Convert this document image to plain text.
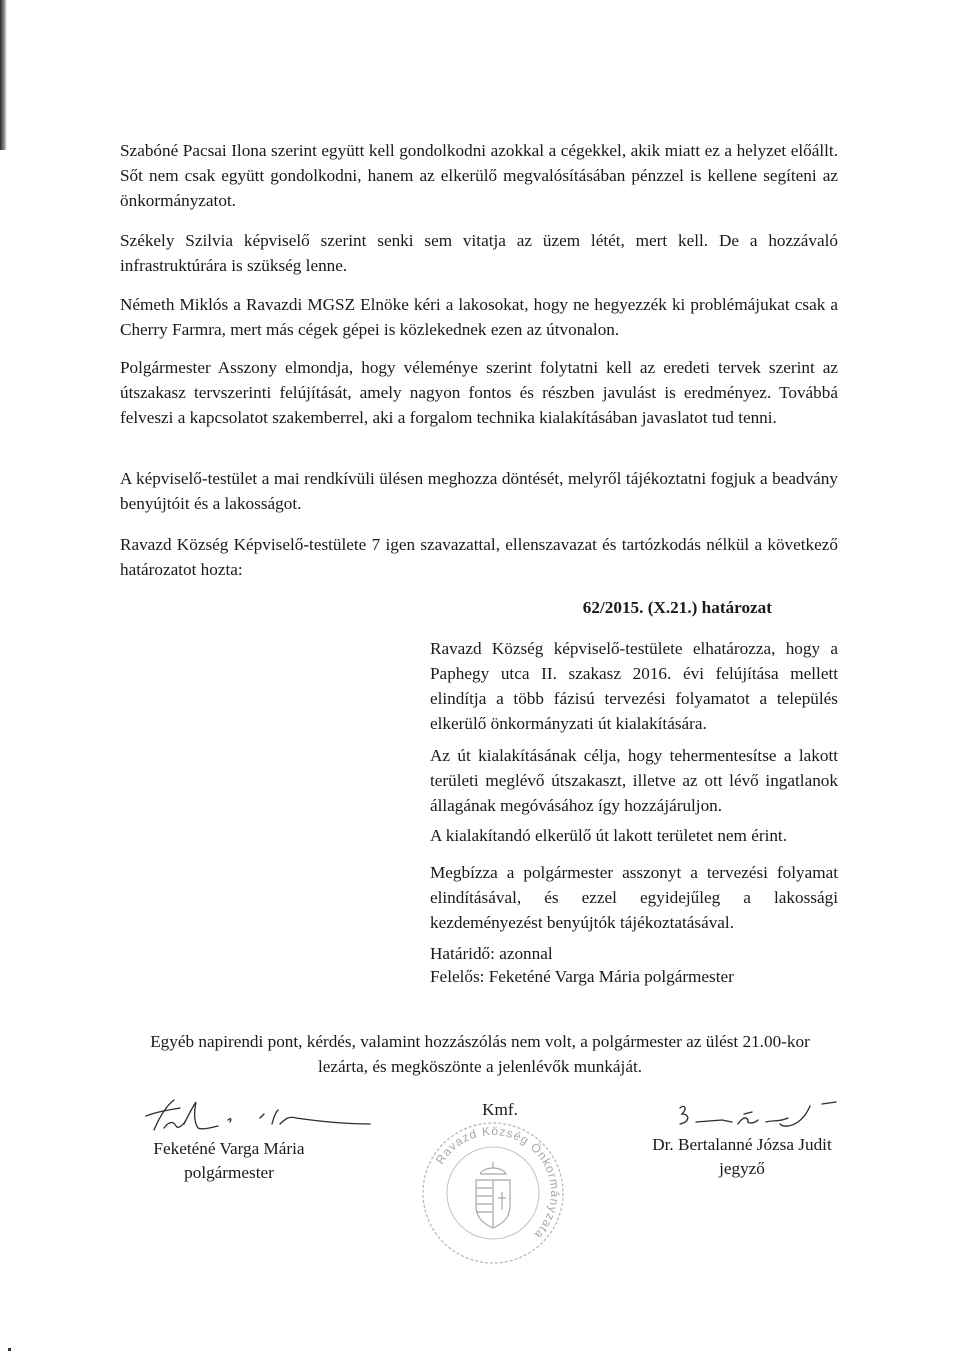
Szabóné Pacsai Ilona szerint együtt kell gondolkodni azokkal a cégekkel, akik miatt ez a helyzet előállt. Sőt nem csak együtt gondolkodni, hanem az elkerülő megvalósításában pénzzel is kellene segíteni az önkormányzatot.

Székely Szilvia képviselő szerint senki sem vitatja az üzem létét, mert kell. De a hozzávaló infrastruktúrára is szükség lenne.

Németh Miklós a Ravazdi MGSZ Elnöke kéri a lakosokat, hogy ne hegyezzék ki problémájukat csak a Cherry Farmra, mert más cégek gépei is közlekednek ezen az útvonalon.

Polgármester Asszony elmondja, hogy véleménye szerint folytatni kell az eredeti tervek szerint az útszakasz tervszerinti felújítását, amely nagyon fontos és részben javulást is eredményez. Továbbá felveszi a kapcsolatot szakemberrel, aki a forgalom technika kialakításában javaslatot tud tenni.

A képviselő-testület a mai rendkívüli ülésen meghozza döntését, melyről tájékoztatni fogjuk a beadvány benyújtóit és a lakosságot.

Ravazd Község Képviselő-testülete 7 igen szavazattal, ellenszavazat és tartózkodás nélkül a következő határozatot hozta:

62/2015. (X.21.) határozat

Ravazd Község képviselő-testülete elhatározza, hogy a Paphegy utca II. szakasz 2016. évi felújítása mellett elindítja a több fázisú tervezési folyamatot a település elkerülő önkormányzati út kialakítására.

Az út kialakításának célja, hogy tehermentesítse a lakott területi meglévő útszakaszt, illetve az ott lévő ingatlanok állagának megóvásához így hozzájáruljon.

A kialakítandó elkerülő út lakott területet nem érint.

Megbízza a polgármester asszonyt a tervezési folyamat elindításával, és ezzel egyidejűleg a lakossági kezdeményezést benyújtók tájékoztatásával.

Határidő: azonnal

Felelős: Feketéné Varga Mária polgármester

Egyéb napirendi pont, kérdés, valamint hozzászólás nem volt, a polgármester az ülést 21.00-kor
lezárta, és megköszönte a jelenlévők munkáját.

Kmf.

Feketéné Varga Mária
polgármester
Ravazd Község Önkormányzata
Dr. Bertalanné Józsa Judit
jegyző
